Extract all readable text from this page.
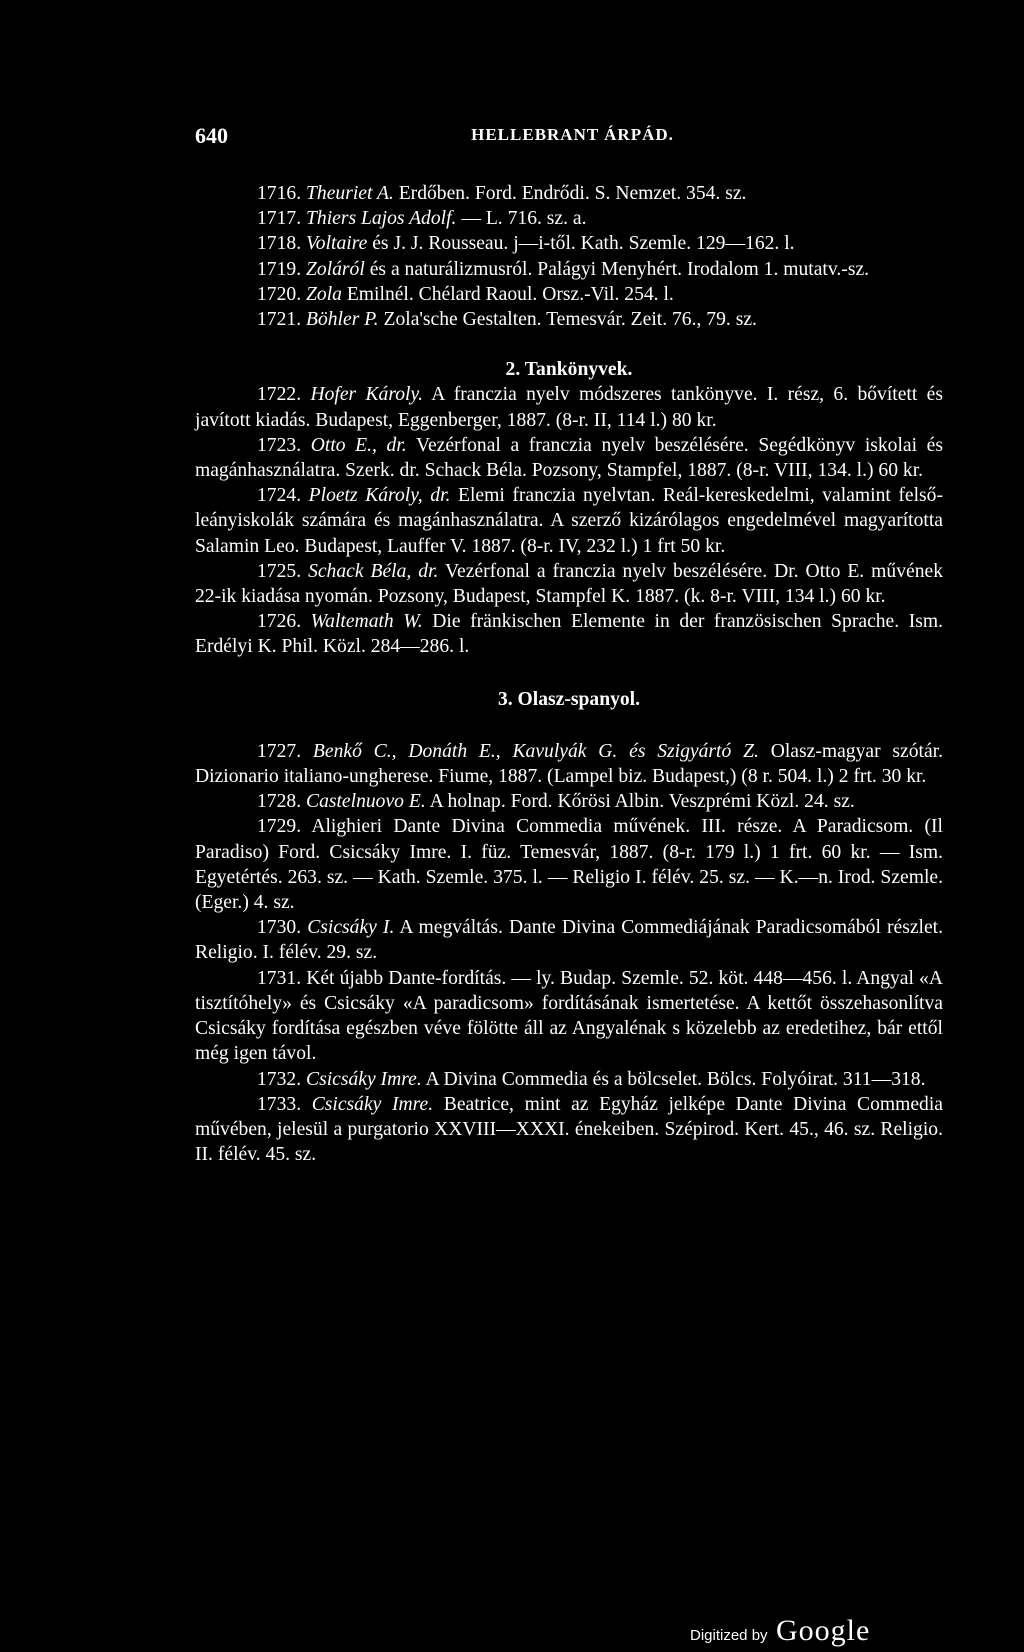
640	HELLEBRANT ÁRPÁD.

1716. Theuriet A. Erdőben. Ford. Endrődi. S. Nemzet. 354. sz.

1717. Thiers Lajos Adolf. — L. 716. sz. a.

1718. Voltaire és J. J. Rousseau. j—i-től. Kath. Szemle. 129—162. l.

1719. Zoláról és a naturálizmusról. Palágyi Menyhért. Irodalom 1. mutatv.-sz.

1720. Zola Emilnél. Chélard Raoul. Orsz.-Vil. 254. l.

1721. Böhler P. Zola'sche Gestalten. Temesvár. Zeit. 76., 79. sz.

2. Tankönyvek.

1722. Hofer Károly. A franczia nyelv módszeres tankönyve. I. rész, 6. bővített és javított kiadás. Budapest, Eggenberger, 1887. (8-r. II, 114 l.) 80 kr.

1723. Otto E., dr. Vezérfonal a franczia nyelv beszélésére. Segédkönyv iskolai és magánhasználatra. Szerk. dr. Schack Béla. Pozsony, Stampfel, 1887. (8-r. VIII, 134. l.) 60 kr.

1724. Ploetz Károly, dr. Elemi franczia nyelvtan. Reál-kereskedelmi, valamint felső-leányiskolák számára és magánhasználatra. A szerző kizárólagos engedelmével magyarította Salamin Leo. Budapest, Lauffer V. 1887. (8-r. IV, 232 l.) 1 frt 50 kr.

1725. Schack Béla, dr. Vezérfonal a franczia nyelv beszélésére. Dr. Otto E. művének 22-ik kiadása nyomán. Pozsony, Budapest, Stampfel K. 1887. (k. 8-r. VIII, 134 l.) 60 kr.

1726. Waltemath W. Die fränkischen Elemente in der französischen Sprache. Ism. Erdélyi K. Phil. Közl. 284—286. l.

3. Olasz-spanyol.

1727. Benkő C., Donáth E., Kavulyák G. és Szigyártó Z. Olasz-magyar szótár. Dizionario italiano-ungherese. Fiume, 1887. (Lampel biz. Budapest,) (8 r. 504. l.) 2 frt. 30 kr.

1728. Castelnuovo E. A holnap. Ford. Kőrösi Albin. Veszprémi Közl. 24. sz.

1729. Alighieri Dante Divina Commedia művének. III. része. A Paradicsom. (Il Paradiso) Ford. Csicsáky Imre. I. füz. Temesvár, 1887. (8-r. 179 l.) 1 frt. 60 kr. — Ism. Egyetértés. 263. sz. — Kath. Szemle. 375. l. — Religio I. félév. 25. sz. — K.—n. Irod. Szemle. (Eger.) 4. sz.

1730. Csicsáky I. A megváltás. Dante Divina Commediájának Paradicsomából részlet. Religio. I. félév. 29. sz.

1731. Két újabb Dante-fordítás. — ly. Budap. Szemle. 52. köt. 448—456. l. Angyal «A tisztítóhely» és Csicsáky «A paradicsom» fordításának ismertetése. A kettőt összehasonlítva Csicsáky fordítása egészben véve fölötte áll az Angyalénak s közelebb az eredetihez, bár ettől még igen távol.

1732. Csicsáky Imre. A Divina Commedia és a bölcselet. Bölcs. Folyóirat. 311—318.

1733. Csicsáky Imre. Beatrice, mint az Egyház jelképe Dante Divina Commedia művében, jelesül a purgatorio XXVIII—XXXI. énekeiben. Szépirod. Kert. 45., 46. sz. Religio. II. félév. 45. sz.

Digitized by Google
